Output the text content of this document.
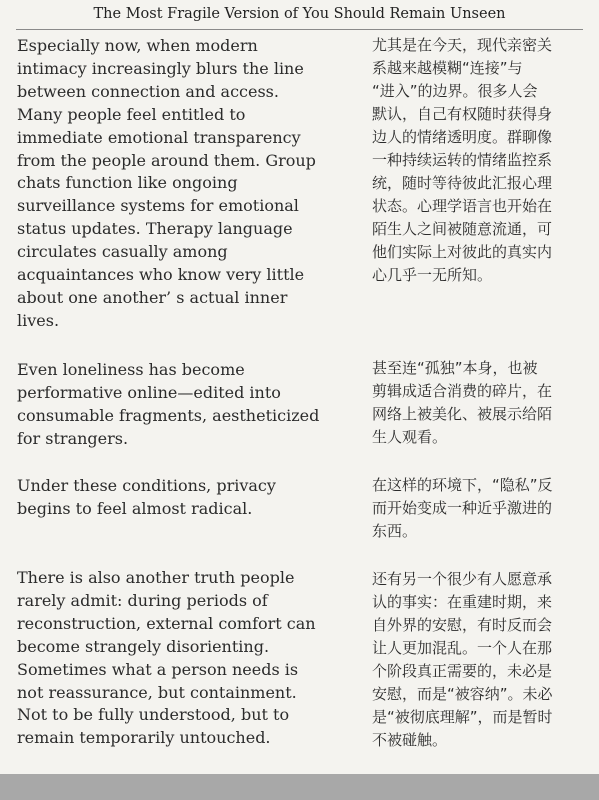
The Most Fragile Version of You Should Remain Unseen

Especially now, when modern
intimacy increasingly blurs the line
between connection and access.
Many people feel entitled to
immediate emotional transparency
from the people around them. Group
chats function like ongoing
surveillance systems for emotional
status updates. Therapy language
circulates casually among
acquaintances who know very little
about one another’ s actual inner
lives.

尤其是在今天，现代亲密关
系越来越模糊“连接”与
“进入”的边界。很多人会
默认，自己有权随时获得身
边人的情绪透明度。群聊像
一种持续运转的情绪监控系
统，随时等待彼此汇报心理
状态。心理学语言也开始在
陌生人之间被随意流通，可
他们实际上对彼此的真实内
心几乎一无所知。

Even loneliness has become
performative online—edited into
consumable fragments, aestheticized
for strangers.

甚至连“孤独”本身，也被
剪辑成适合消费的碎片，在
网络上被美化、被展示给陌
生人观看。

Under these conditions, privacy
begins to feel almost radical.

在这样的环境下，“隐私”反
而开始变成一种近乎激进的
东西。

There is also another truth people
rarely admit: during periods of
reconstruction, external comfort can
become strangely disorienting.
Sometimes what a person needs is
not reassurance, but containment.
Not to be fully understood, but to
remain temporarily untouched.

还有另一个很少有人愿意承
认的事实：在重建时期，来
自外界的安慰，有时反而会
让人更加混乱。一个人在那
个阶段真正需要的，未必是
安慰，而是“被容纳”。未必
是“被彻底理解”，而是暂时
不被碰触。
